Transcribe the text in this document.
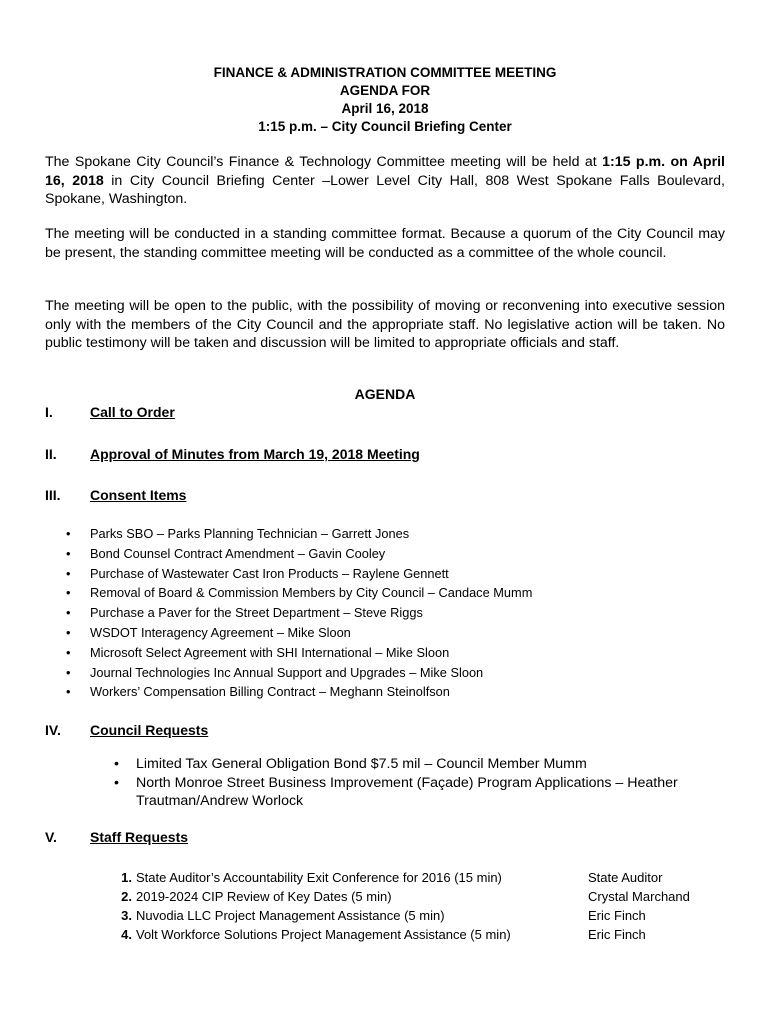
FINANCE & ADMINISTRATION COMMITTEE MEETING
AGENDA FOR
April 16, 2018
1:15 p.m. – City Council Briefing Center
The Spokane City Council’s Finance & Technology Committee meeting will be held at 1:15 p.m. on April 16, 2018 in City Council Briefing Center –Lower Level City Hall, 808 West Spokane Falls Boulevard, Spokane, Washington.
The meeting will be conducted in a standing committee format. Because a quorum of the City Council may be present, the standing committee meeting will be conducted as a committee of the whole council.
The meeting will be open to the public, with the possibility of moving or reconvening into executive session only with the members of the City Council and the appropriate staff. No legislative action will be taken. No public testimony will be taken and discussion will be limited to appropriate officials and staff.
AGENDA
I.	Call to Order
II.	Approval of Minutes from March 19, 2018 Meeting
III.	Consent Items
• Parks SBO – Parks Planning Technician – Garrett Jones
• Bond Counsel Contract Amendment – Gavin Cooley
• Purchase of Wastewater Cast Iron Products – Raylene Gennett
• Removal of Board & Commission Members by City Council – Candace Mumm
• Purchase a Paver for the Street Department – Steve Riggs
• WSDOT Interagency Agreement – Mike Sloon
• Microsoft Select Agreement with SHI International – Mike Sloon
• Journal Technologies Inc Annual Support and Upgrades – Mike Sloon
• Workers’ Compensation Billing Contract – Meghann Steinolfson
IV.	Council Requests
• Limited Tax General Obligation Bond $7.5 mil – Council Member Mumm
• North Monroe Street Business Improvement (Façade) Program Applications – Heather Trautman/Andrew Worlock
V.	Staff Requests
1. State Auditor’s Accountability Exit Conference for 2016 (15 min)	State Auditor
2. 2019-2024 CIP Review of Key Dates (5 min)	Crystal Marchand
3. Nuvodia LLC Project Management Assistance (5 min)	Eric Finch
4. Volt Workforce Solutions Project Management Assistance (5 min)	Eric Finch
